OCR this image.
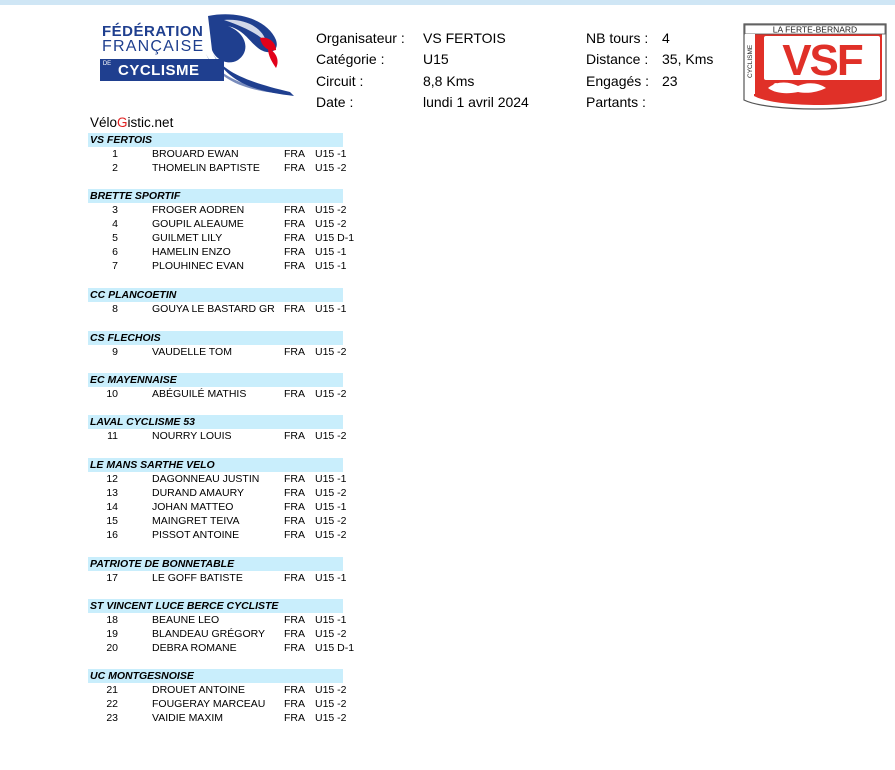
FÉDÉRATION
FRANÇAISE
DE CYCLISME
Organisateur : VS FERTOIS
Catégorie :	U15
Circuit :	8,8 Kms
Date :	lundi 1 avril 2024
NB tours : 4
Distance : 35, Kms
Engagés : 23
Partants :
LA FERTE-BERNARD
CYCLISME VSF
VéloGistic.net
VS FERTOIS
1	BROUARD EWAN	FRA U15 -1
2	THOMELIN BAPTISTE FRA U15 -2
BRETTE SPORTIF
3	FROGER AODREN	FRA U15 -2
4	GOUPIL ALEAUME	FRA U15 -2
5	GUILMET LILY	FRA U15 D-1
6	HAMELIN ENZO	FRA U15 -1
7	PLOUHINEC EVAN	FRA U15 -1
CC PLANCOETIN
8	GOUYA LE BASTARD GR FRA U15 -1
CS FLECHOIS
9	VAUDELLE TOM	FRA U15 -2
EC MAYENNAISE
10	ABÉGUILÉ MATHIS	FRA U15 -2
LAVAL CYCLISME 53
11	NOURRY LOUIS	FRA U15 -2
LE MANS SARTHE VELO
12	DAGONNEAU JUSTIN FRA U15 -1
13	DURAND AMAURY	FRA U15 -2
14	JOHAN MATTEO	FRA U15 -1
15	MAINGRET TEIVA	FRA U15 -2
16	PISSOT ANTOINE	FRA U15 -2
PATRIOTE DE BONNETABLE
17	LE GOFF BATISTE	FRA U15 -1
ST VINCENT LUCE BERCE CYCLISTE
18	BEAUNE LEO	FRA U15 -1
19	BLANDEAU GRÉGORY FRA U15 -2
20	DEBRA ROMANE	FRA U15 D-1
UC MONTGESNOISE
21	DROUET ANTOINE	FRA U15 -2
22	FOUGERAY MARCEAU FRA U15 -2
23	VAIDIE MAXIM	FRA U15 -2
